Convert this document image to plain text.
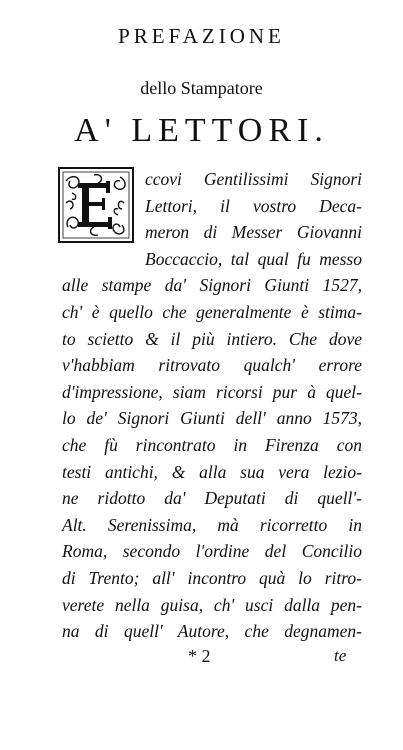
PREFAZIONE
dello Stampatore
A' LETTORI.
ccovi Gentilissimi Signori
Lettori, il vostro Deca-
meron di Messer Giovanni
Boccaccio, tal qual fu messo
alle stampe da' Signori Giunti 1527,
ch' è quello che generalmente è stima-
to scietto & il più intiero. Che dove
v'habbiam ritrovato qualch' errore
d'impressione, siam ricorsi pur à quel-
lo de' Signori Giunti dell' anno 1573,
che fù rincontrato in Firenza con
testi antichi, & alla sua vera lezio-
ne ridotto da' Deputati di quell'-
Alt. Serenissima, mà ricorretto in
Roma, secondo l'ordine del Concilio
di Trento; all' incontro quà lo ritro-
verete nella guisa, ch' usci dalla pen-
na di quell' Autore, che degnamen-
* 2	te
